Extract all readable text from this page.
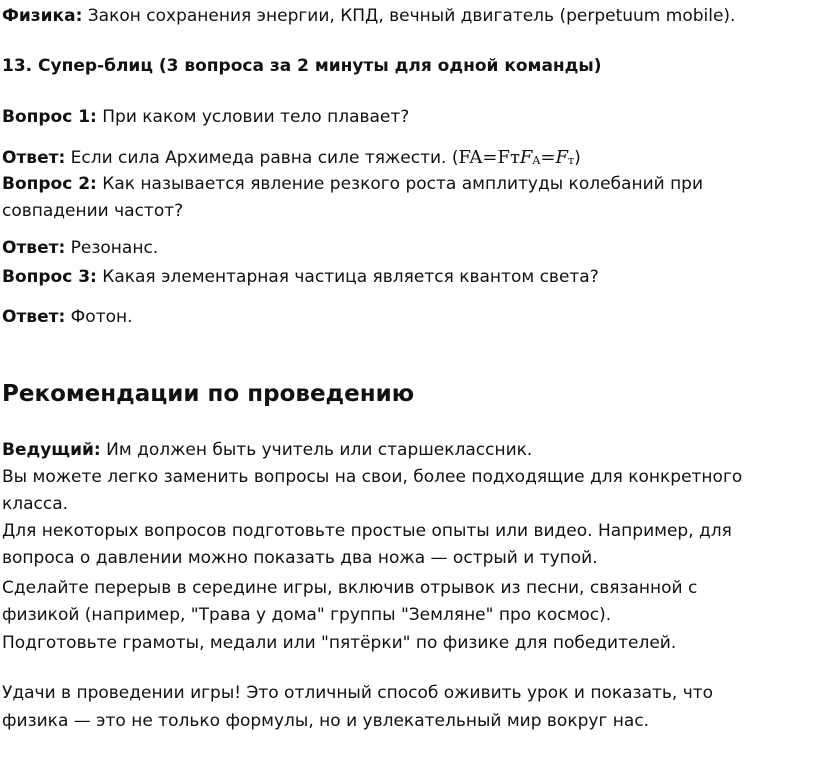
Физика: Закон сохранения энергии, КПД, вечный двигатель (perpetuum mobile).
13. Супер-блиц (3 вопроса за 2 минуты для одной команды)
Вопрос 1: При каком условии тело плавает?
Ответ: Если сила Архимеда равна силе тяжести. (FA=FтFA=Fт)
Вопрос 2: Как называется явление резкого роста амплитуды колебаний при
совпадении частот?
Ответ: Резонанс.
Вопрос 3: Какая элементарная частица является квантом света?
Ответ: Фотон.
Рекомендации по проведению
Ведущий: Им должен быть учитель или старшеклассник.
Вы можете легко заменить вопросы на свои, более подходящие для конкретного
класса.
Для некоторых вопросов подготовьте простые опыты или видео. Например, для
вопроса о давлении можно показать два ножа — острый и тупой.
Сделайте перерыв в середине игры, включив отрывок из песни, связанной с
физикой (например, "Трава у дома" группы "Земляне" про космос).
Подготовьте грамоты, медали или "пятёрки" по физике для победителей.
Удачи в проведении игры! Это отличный способ оживить урок и показать, что
физика — это не только формулы, но и увлекательный мир вокруг нас.
